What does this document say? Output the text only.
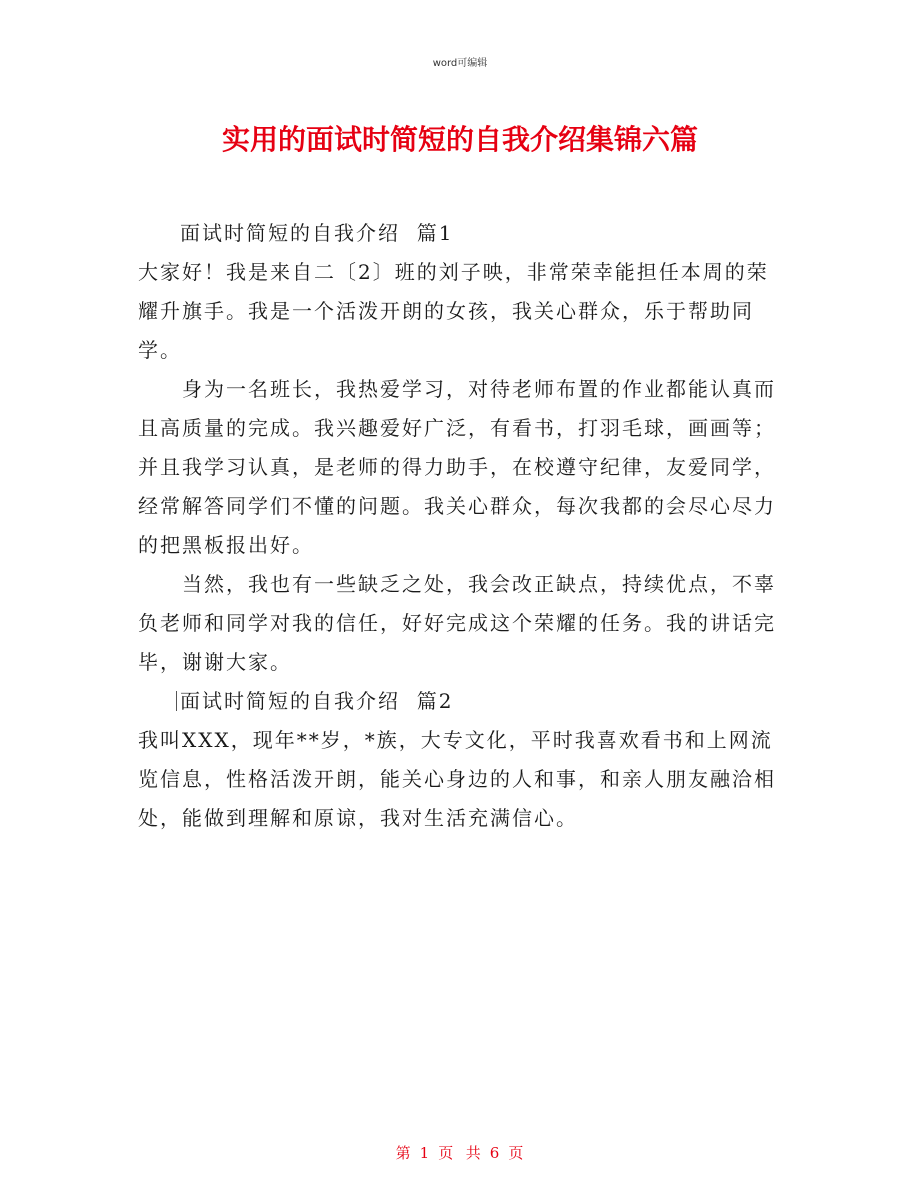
word可编辑
实用的面试时简短的自我介绍集锦六篇

面试时简短的自我介绍  篇1

大家好！我是来自二〔2〕班的刘子映，非常荣幸能担任本周的荣耀升旗手。我是一个活泼开朗的女孩，我关心群众，乐于帮助同学。

身为一名班长，我热爱学习，对待老师布置的作业都能认真而且高质量的完成。我兴趣爱好广泛，有看书，打羽毛球，画画等；并且我学习认真，是老师的得力助手，在校遵守纪律，友爱同学，经常解答同学们不懂的问题。我关心群众，每次我都的会尽心尽力的把黑板报出好。

当然，我也有一些缺乏之处，我会改正缺点，持续优点，不辜负老师和同学对我的信任，好好完成这个荣耀的任务。我的讲话完毕，谢谢大家。

面试时简短的自我介绍  篇2

我叫XXX，现年**岁，*族，大专文化，平时我喜欢看书和上网流览信息，性格活泼开朗，能关心身边的人和事，和亲人朋友融洽相处，能做到理解和原谅，我对生活充满信心。

第 1 页  共 6 页
